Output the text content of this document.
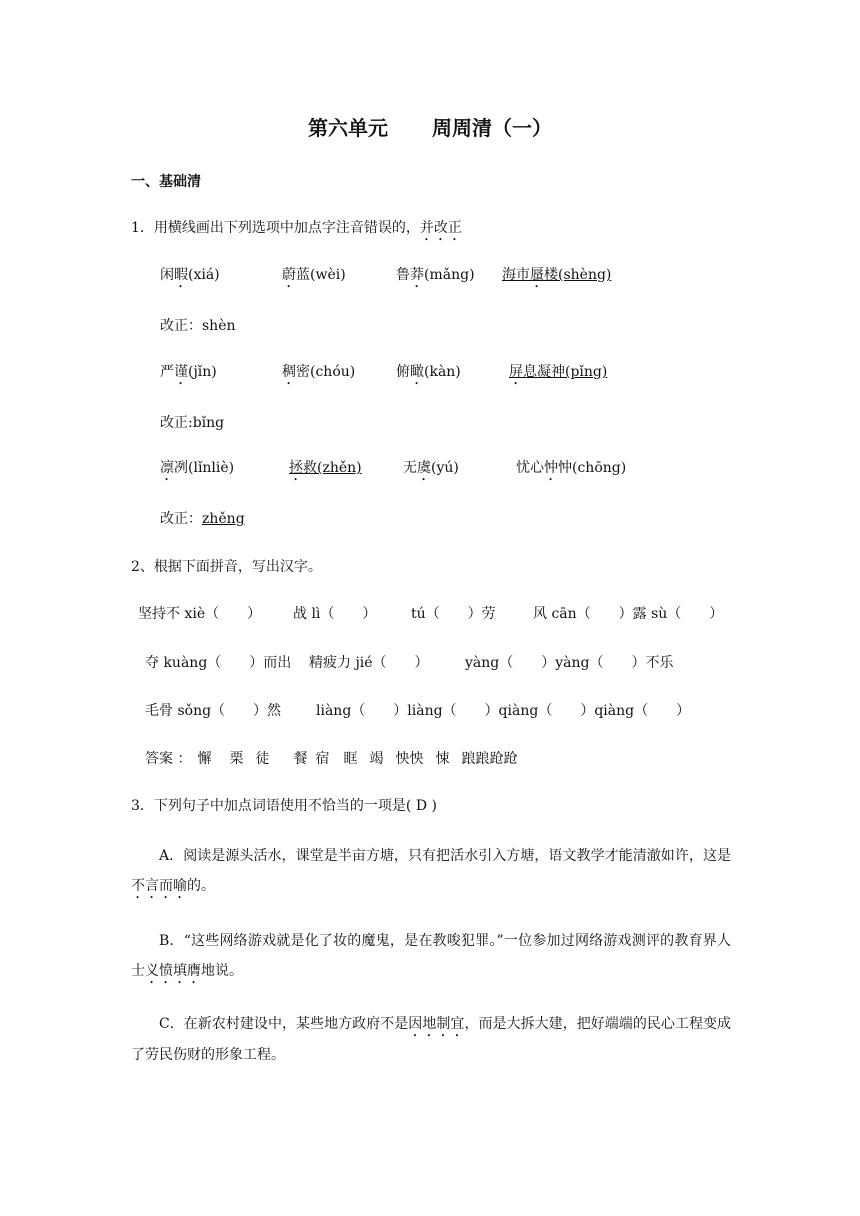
第六单元 周周清（一）
一、基础清
1．用横线画出下列选项中加点字注音错误的，并改正
闲暇(xiá)	蔚蓝(wèi)	鲁莽(mǎng) 海市蜃楼(shèng)
改正：shèn
严谨(jǐn)	稠密(chóu)	俯瞰(kàn)	屏息凝神(pǐng)
改正:bǐng
凛冽(lǐnliè)	拯救(zhěn)	无虞(yú)	忧心忡忡(chōng)
改正：zhěng
2、根据下面拼音，写出汉字。
坚持不 xiè（　　） 战 lì（　　） tú（　　）劳	风 cān（　　）露 sù（　　）
夺 kuàng（　　）而出 精疲力 jié（　　）	yàng（　　）yàng（　　）不乐
毛骨 sǒng（　　）然 liàng（　　）liàng（　　）qiàng（　　）qiàng（　　）
答案 ： 懈 栗 徒 餐 宿 眶 竭 怏怏 悚 踉踉跄跄
3．下列句子中加点词语使用不恰当的一项是( D )
A．阅读是源头活水，课堂是半亩方塘，只有把活水引入方塘，语文教学才能清澈如许，这是不言而喻的。
B．“这些网络游戏就是化了妆的魔鬼，是在教唆犯罪。”一位参加过网络游戏测评的教育界人士义愤填膺地说。
C．在新农村建设中，某些地方政府不是因地制宜，而是大拆大建，把好端端的民心工程变成了劳民伤财的形象工程。
